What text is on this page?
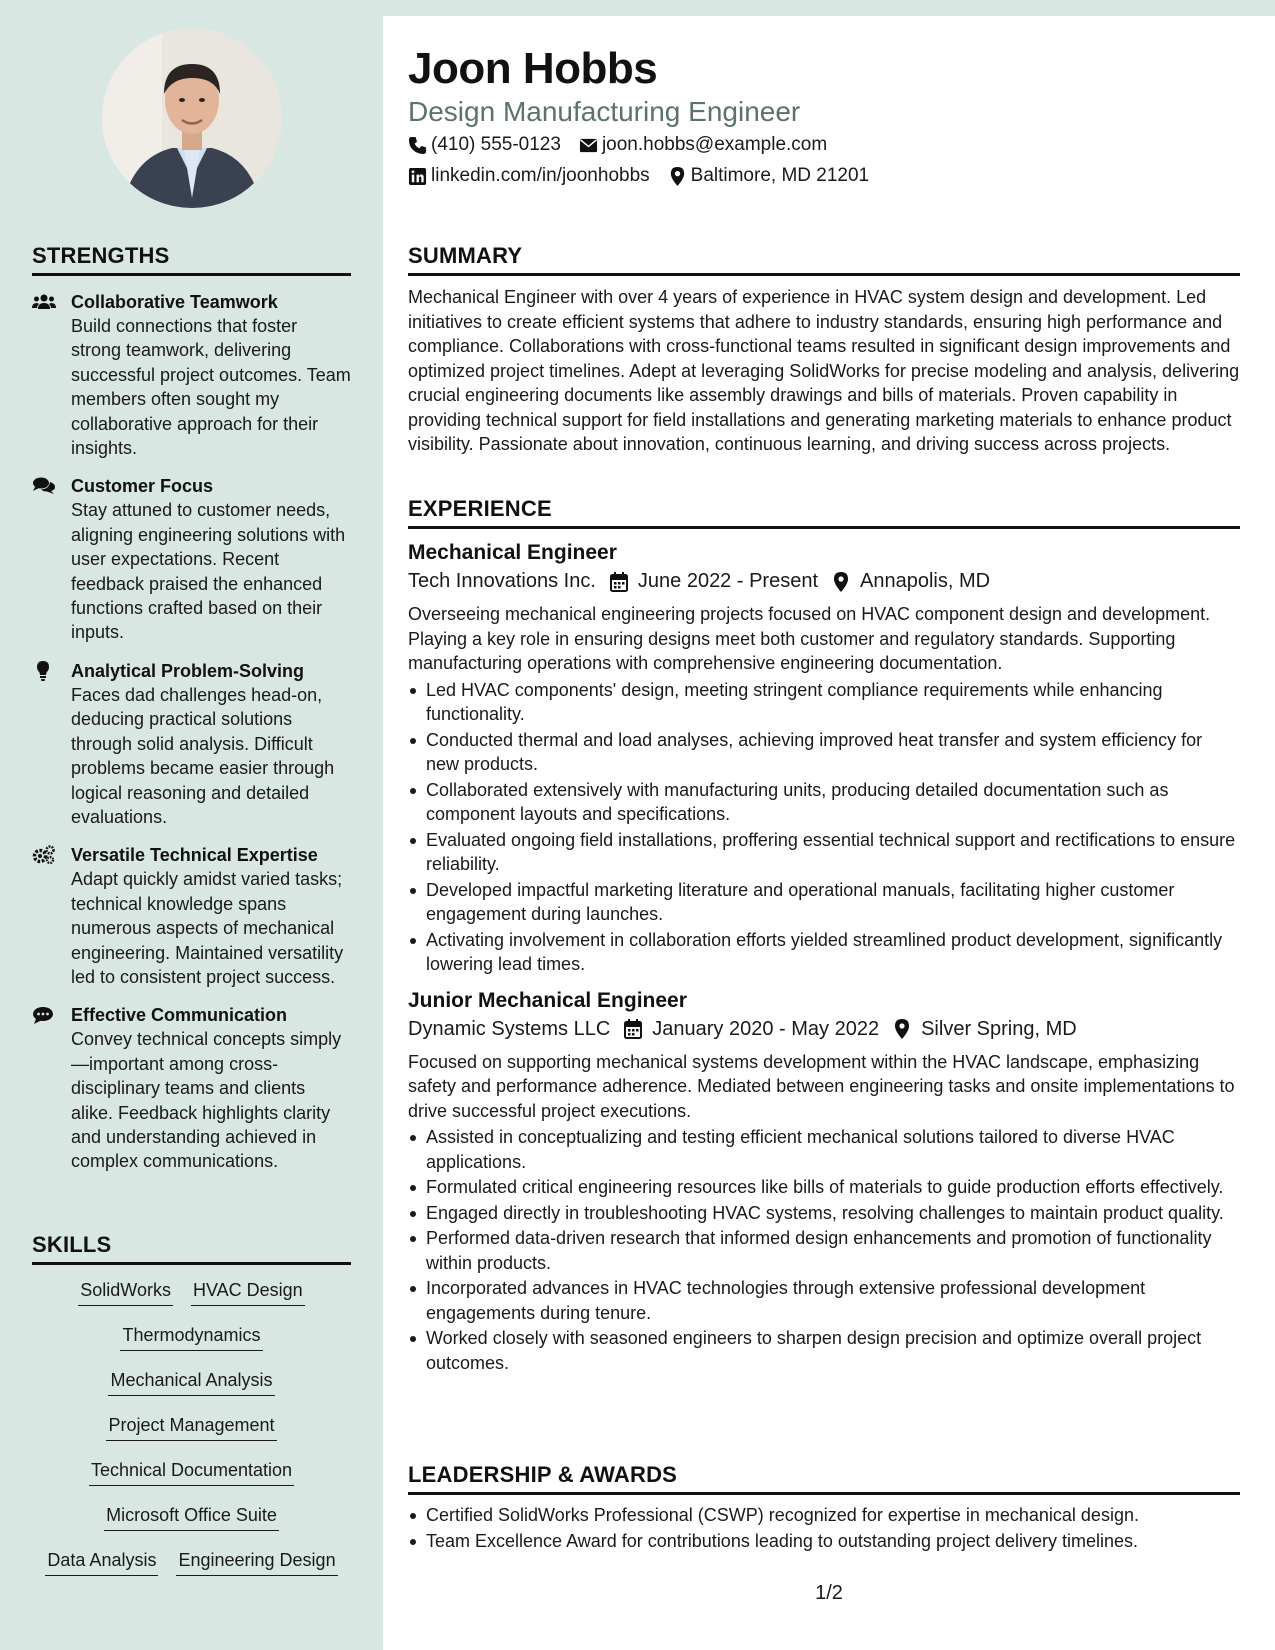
STRENGTHS
Collaborative Teamwork
Build connections that foster strong teamwork, delivering successful project outcomes. Team members often sought my collaborative approach for their insights.
Customer Focus
Stay attuned to customer needs, aligning engineering solutions with user expectations. Recent feedback praised the enhanced functions crafted based on their inputs.
Analytical Problem-Solving
Faces dad challenges head-on, deducing practical solutions through solid analysis. Difficult problems became easier through logical reasoning and detailed evaluations.
Versatile Technical Expertise
Adapt quickly amidst varied tasks; technical knowledge spans numerous aspects of mechanical engineering. Maintained versatility led to consistent project success.
Effective Communication
Convey technical concepts simply—important among cross-disciplinary teams and clients alike. Feedback highlights clarity and understanding achieved in complex communications.
SKILLS
SolidWorks HVAC Design
Thermodynamics
Mechanical Analysis
Project Management
Technical Documentation
Microsoft Office Suite
Data Analysis Engineering Design
Joon Hobbs
Design Manufacturing Engineer
(410) 555-0123 joon.hobbs@example.com
linkedin.com/in/joonhobbs Baltimore, MD 21201
SUMMARY
Mechanical Engineer with over 4 years of experience in HVAC system design and development. Led initiatives to create efficient systems that adhere to industry standards, ensuring high performance and compliance. Collaborations with cross-functional teams resulted in significant design improvements and optimized project timelines. Adept at leveraging SolidWorks for precise modeling and analysis, delivering crucial engineering documents like assembly drawings and bills of materials. Proven capability in providing technical support for field installations and generating marketing materials to enhance product visibility. Passionate about innovation, continuous learning, and driving success across projects.
EXPERIENCE
Mechanical Engineer
Tech Innovations Inc. June 2022 - Present Annapolis, MD
Overseeing mechanical engineering projects focused on HVAC component design and development. Playing a key role in ensuring designs meet both customer and regulatory standards. Supporting manufacturing operations with comprehensive engineering documentation.
Led HVAC components' design, meeting stringent compliance requirements while enhancing functionality.
Conducted thermal and load analyses, achieving improved heat transfer and system efficiency for new products.
Collaborated extensively with manufacturing units, producing detailed documentation such as component layouts and specifications.
Evaluated ongoing field installations, proffering essential technical support and rectifications to ensure reliability.
Developed impactful marketing literature and operational manuals, facilitating higher customer engagement during launches.
Activating involvement in collaboration efforts yielded streamlined product development, significantly lowering lead times.
Junior Mechanical Engineer
Dynamic Systems LLC January 2020 - May 2022 Silver Spring, MD
Focused on supporting mechanical systems development within the HVAC landscape, emphasizing safety and performance adherence. Mediated between engineering tasks and onsite implementations to drive successful project executions.
Assisted in conceptualizing and testing efficient mechanical solutions tailored to diverse HVAC applications.
Formulated critical engineering resources like bills of materials to guide production efforts effectively.
Engaged directly in troubleshooting HVAC systems, resolving challenges to maintain product quality.
Performed data-driven research that informed design enhancements and promotion of functionality within products.
Incorporated advances in HVAC technologies through extensive professional development engagements during tenure.
Worked closely with seasoned engineers to sharpen design precision and optimize overall project outcomes.
LEADERSHIP & AWARDS
Certified SolidWorks Professional (CSWP) recognized for expertise in mechanical design.
Team Excellence Award for contributions leading to outstanding project delivery timelines.
1/2
